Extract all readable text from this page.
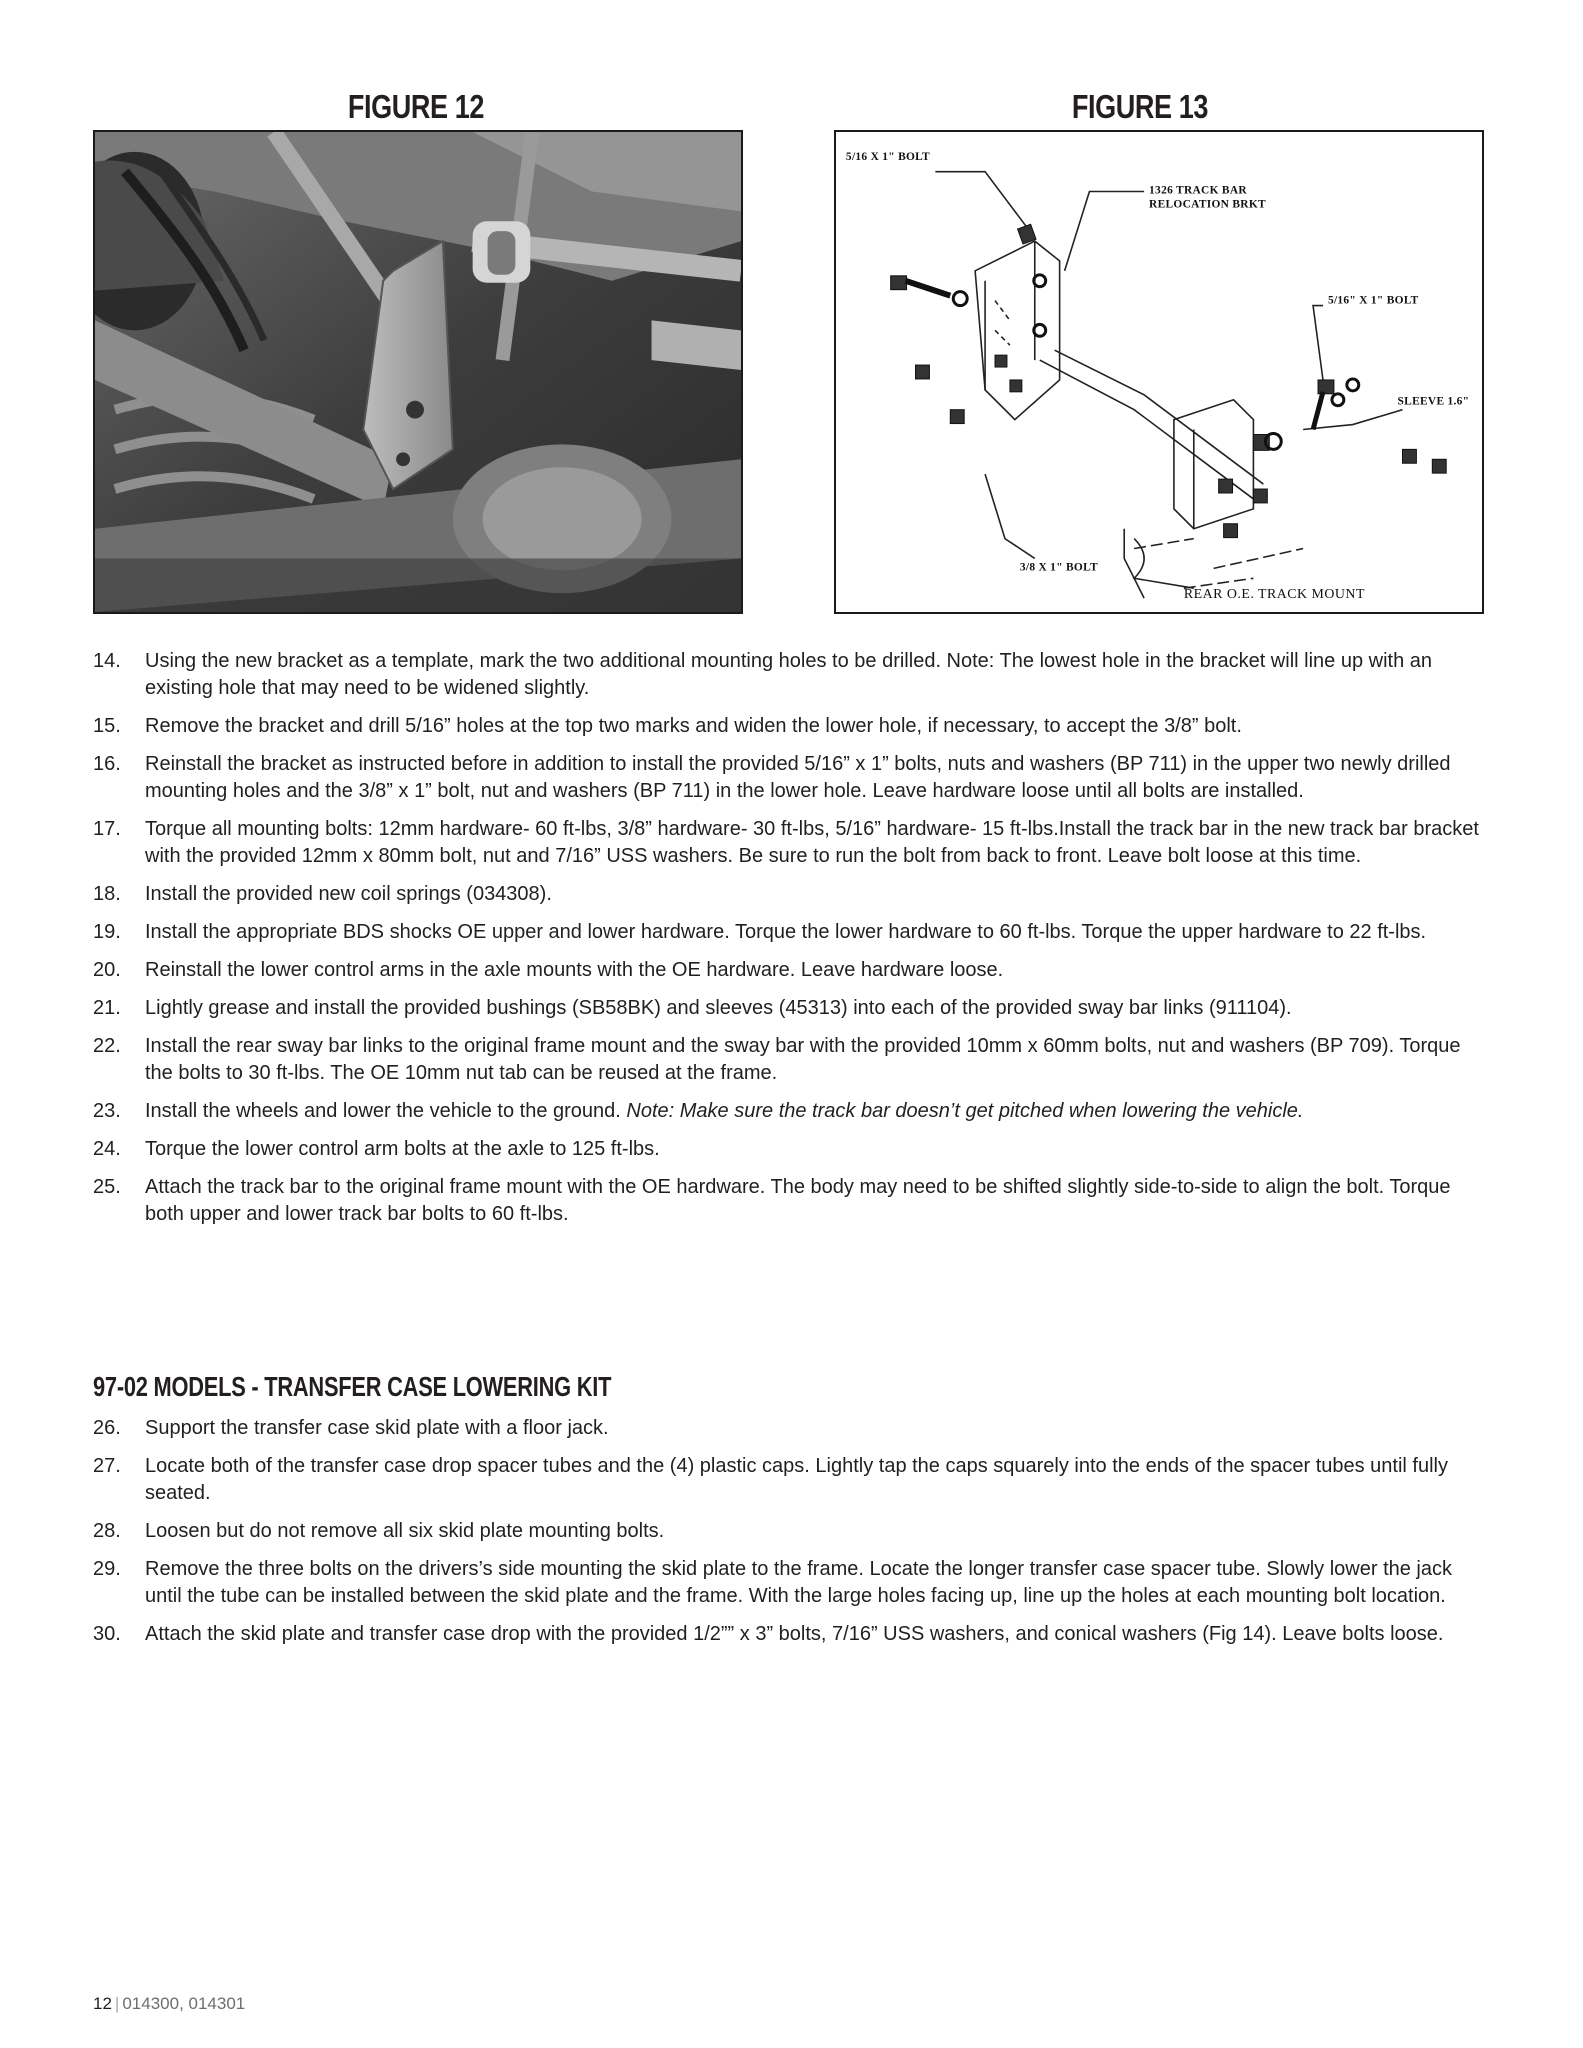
FIGURE 12	FIGURE 13
5/16 X 1" BOLT
1326 TRACK BAR
RELOCATION BRKT
5/16" X 1" BOLT
SLEEVE 1.6"
3/8 X 1" BOLT
REAR O.E. TRACK MOUNT
14. Using the new bracket as a template, mark the two additional mounting holes to be drilled. Note: The lowest hole in the bracket will line up with an existing hole that may need to be widened slightly.
15. Remove the bracket and drill 5/16” holes at the top two marks and widen the lower hole, if necessary, to accept the 3/8” bolt.
16. Reinstall the bracket as instructed before in addition to install the provided 5/16” x 1” bolts, nuts and washers (BP 711) in the upper two newly drilled mounting holes and the 3/8” x 1” bolt, nut and washers (BP 711) in the lower hole. Leave hardware loose until all bolts are installed.
17. Torque all mounting bolts: 12mm hardware- 60 ft-lbs, 3/8” hardware- 30 ft-lbs, 5/16” hardware- 15 ft-lbs.Install the track bar in the new track bar bracket with the provided 12mm x 80mm bolt, nut and 7/16” USS washers. Be sure to run the bolt from back to front. Leave bolt loose at this time.
18. Install the provided new coil springs (034308).
19. Install the appropriate BDS shocks OE upper and lower hardware. Torque the lower hardware to 60 ft-lbs. Torque the upper hardware to 22 ft-lbs.
20. Reinstall the lower control arms in the axle mounts with the OE hardware. Leave hardware loose.
21. Lightly grease and install the provided bushings (SB58BK) and sleeves (45313) into each of the provided sway bar links (911104).
22. Install the rear sway bar links to the original frame mount and the sway bar with the provided 10mm x 60mm bolts, nut and washers (BP 709). Torque the bolts to 30 ft-lbs. The OE 10mm nut tab can be reused at the frame.
23. Install the wheels and lower the vehicle to the ground. Note: Make sure the track bar doesn’t get pitched when lowering the vehicle.
24. Torque the lower control arm bolts at the axle to 125 ft-lbs.
25. Attach the track bar to the original frame mount with the OE hardware. The body may need to be shifted slightly side-to-side to align the bolt. Torque both upper and lower track bar bolts to 60 ft-lbs.
97-02 MODELS - TRANSFER CASE LOWERING KIT
26. Support the transfer case skid plate with a floor jack.
27. Locate both of the transfer case drop spacer tubes and the (4) plastic caps. Lightly tap the caps squarely into the ends of the spacer tubes until fully seated.
28. Loosen but do not remove all six skid plate mounting bolts.
29. Remove the three bolts on the drivers’s side mounting the skid plate to the frame. Locate the longer transfer case spacer tube. Slowly lower the jack until the tube can be installed between the skid plate and the frame. With the large holes facing up, line up the holes at each mounting bolt location.
30. Attach the skid plate and transfer case drop with the provided 1/2”” x 3” bolts, 7/16” USS washers, and conical washers (Fig 14). Leave bolts loose.
12 | 014300, 014301
